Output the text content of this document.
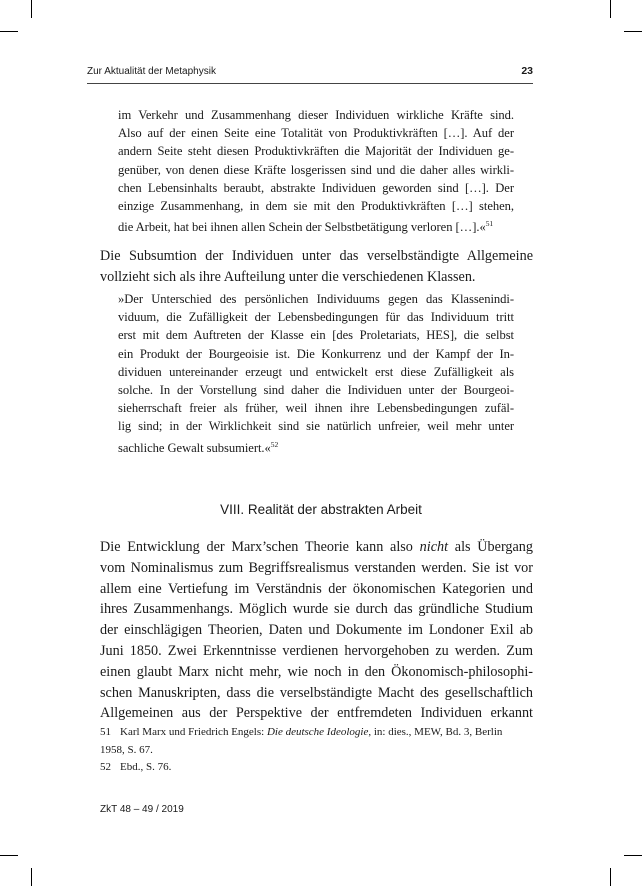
Zur Aktualität der Metaphysik	23
im Verkehr und Zusammenhang dieser Individuen wirkliche Kräfte sind.
Also auf der einen Seite eine Totalität von Produktivkräften […]. Auf der
andern Seite steht diesen Produktivkräften die Majorität der Individuen ge-
genüber, von denen diese Kräfte losgerissen sind und die daher alles wirkli-
chen Lebensinhalts beraubt, abstrakte Individuen geworden sind […]. Der
einzige Zusammenhang, in dem sie mit den Produktivkräften […] stehen,
die Arbeit, hat bei ihnen allen Schein der Selbstbetätigung verloren […].«$^{51}$
Die Subsumtion der Individuen unter das verselbständigte Allgemeine
vollzieht sich als ihre Aufteilung unter die verschiedenen Klassen.
»Der Unterschied des persönlichen Individuums gegen das Klassenindi-
viduum, die Zufälligkeit der Lebensbedingungen für das Individuum tritt
erst mit dem Auftreten der Klasse ein [des Proletariats, HES], die selbst
ein Produkt der Bourgeoisie ist. Die Konkurrenz und der Kampf der In-
dividuen untereinander erzeugt und entwickelt erst diese Zufälligkeit als
solche. In der Vorstellung sind daher die Individuen unter der Bourgeoi-
sieherrschaft freier als früher, weil ihnen ihre Lebensbedingungen zufäl-
lig sind; in der Wirklichkeit sind sie natürlich unfreier, weil mehr unter
sachliche Gewalt subsumiert.«$^{52}$
VIII. Realität der abstrakten Arbeit
Die Entwicklung der Marx’schen Theorie kann also nicht als Übergang
vom Nominalismus zum Begriffsrealismus verstanden werden. Sie ist vor
allem eine Vertiefung im Verständnis der ökonomischen Kategorien und
ihres Zusammenhangs. Möglich wurde sie durch das gründliche Studium
der einschlägigen Theorien, Daten und Dokumente im Londoner Exil ab
Juni 1850. Zwei Erkenntnisse verdienen hervorgehoben zu werden. Zum
einen glaubt Marx nicht mehr, wie noch in den Ökonomisch-philosophi-
schen Manuskripten, dass die verselbständigte Macht des gesellschaftlich
Allgemeinen aus der Perspektive der entfremdeten Individuen erkannt
51 Karl Marx und Friedrich Engels: Die deutsche Ideologie, in: dies., MEW, Bd. 3, Berlin
1958, S. 67.
52 Ebd., S. 76.
ZkT 48 – 49 / 2019
